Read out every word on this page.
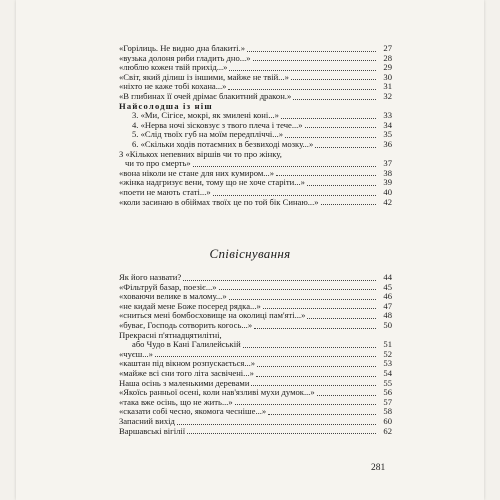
«Горілиць. Не видно дна блакиті.»	27
«вузька долоня риби гладить дно...»	28
«люблю кожен твій прихід...»	29
«Світ, який ділиш із іншими, майже не твій...»	30
«ніхто не каже тобі кохана...»	31
«В глибинах її очей дрімає блакитний дракон.»	32
Найсолодша із ніш
3. «Ми, Сігісе, мокрі, як змилені коні...»	33
4. «Нерва ночі зісковзує з твого плеча і тече...»	34
5. «Слід твоїх губ на моїм передпліччі...»	35
6. «Скільки ходів потаємних в безвиході мозку...»	36
З «Кількох непевних віршів чи то про жінку,
чи то про смерть»	37
«вона ніколи не стане для них кумиром...»	38
«жінка надгризує вени, тому що не хоче старіти...»	39
«поети не мають статі...»	40
«коли засинаю в обіймах твоїх це по той бік Синаю...»	42
Співіснування
Як його назвати?	44
«Фільтруй базар, поезіє...»	45
«ховаючи велике в малому...»	46
«не кидай мене Боже посеред рядка...»	47
«сниться мені бомбосховище на околиці пам'яті...»	48
«буває, Господь сотворить когось...»	50
Прекрасні п'ятнадцятилітні,
або Чудо в Кані Галилейській	51
«чуєш...»	52
«каштан під вікном розпускається...»	53
«майже всі сни того літа засвічені...»	54
Наша осінь з маленькими деревами	55
«Якоїсь ранньої осені, коли нав'язливі мухи думок...»	56
«така вже осінь, що не жить...»	57
«сказати собі чесно, якомога чесніше...»	58
Запасний вихід	60
Варшавські вігілії	62
281
